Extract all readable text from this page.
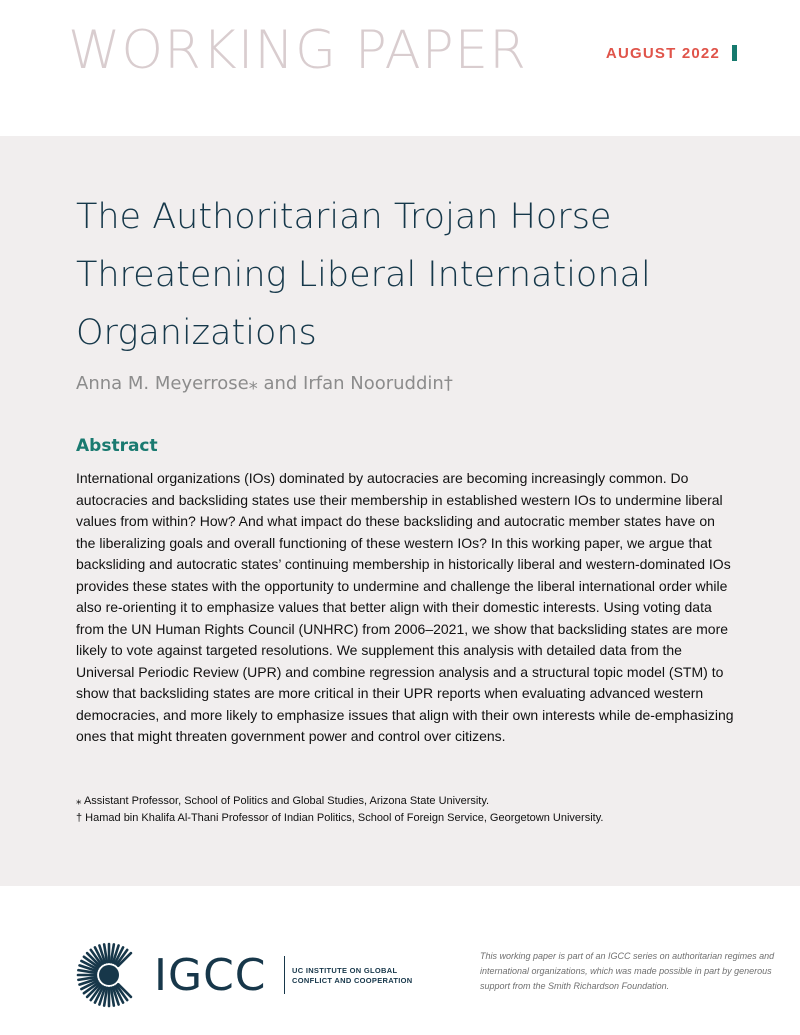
WORKING PAPER	AUGUST 2022
The Authoritarian Trojan Horse Threatening Liberal International Organizations
Anna M. Meyerrose⁎ and Irfan Nooruddin†
Abstract

International organizations (IOs) dominated by autocracies are becoming increasingly common. Do autocracies and backsliding states use their membership in established western IOs to undermine liberal values from within? How? And what impact do these backsliding and autocratic member states have on the liberalizing goals and overall functioning of these western IOs? In this working paper, we argue that backsliding and autocratic states’ continuing membership in historically liberal and western-dominated IOs provides these states with the opportunity to undermine and challenge the liberal international order while also re-orienting it to emphasize values that better align with their domestic interests. Using voting data from the UN Human Rights Council (UNHRC) from 2006–2021, we show that backsliding states are more likely to vote against targeted resolutions. We supplement this analysis with detailed data from the Universal Periodic Review (UPR) and combine regression analysis and a structural topic model (STM) to show that backsliding states are more critical in their UPR reports when evaluating advanced western democracies, and more likely to emphasize issues that align with their own interests while de-emphasizing ones that might threaten government power and control over citizens.

⁎ Assistant Professor, School of Politics and Global Studies, Arizona State University.
† Hamad bin Khalifa Al-Thani Professor of Indian Politics, School of Foreign Service, Georgetown University.
IGCC	UC INSTITUTE ON GLOBAL
CONFLICT AND COOPERATION

This working paper is part of an IGCC series on authoritarian regimes and international organizations, which was made possible in part by generous support from the Smith Richardson Foundation.
